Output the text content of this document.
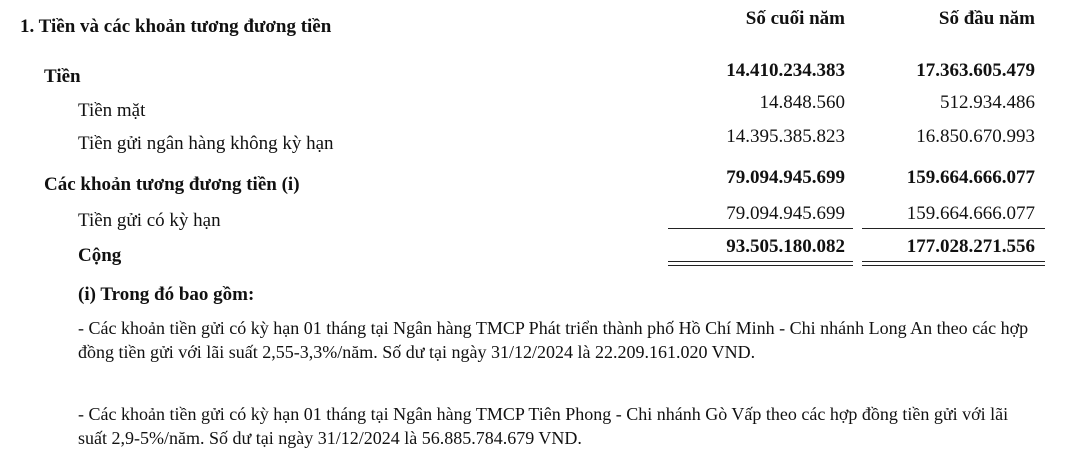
1. Tiền và các khoản tương đương tiền	Số cuối năm	Số đầu năm
Tiền	14.410.234.383	17.363.605.479
Tiền mặt	14.848.560	512.934.486
Tiền gửi ngân hàng không kỳ hạn	14.395.385.823	16.850.670.993
Các khoản tương đương tiền (i)	79.094.945.699	159.664.666.077
Tiền gửi có kỳ hạn	79.094.945.699	159.664.666.077
Cộng	93.505.180.082	177.028.271.556
(i) Trong đó bao gồm:
- Các khoản tiền gửi có kỳ hạn 01 tháng tại Ngân hàng TMCP Phát triển thành phố Hồ Chí Minh - Chi nhánh Long An theo các hợp đồng tiền gửi với lãi suất 2,55-3,3%/năm. Số dư tại ngày 31/12/2024 là 22.209.161.020 VND.
- Các khoản tiền gửi có kỳ hạn 01 tháng tại Ngân hàng TMCP Tiên Phong - Chi nhánh Gò Vấp theo các hợp đồng tiền gửi với lãi suất 2,9-5%/năm. Số dư tại ngày 31/12/2024 là 56.885.784.679 VND.
